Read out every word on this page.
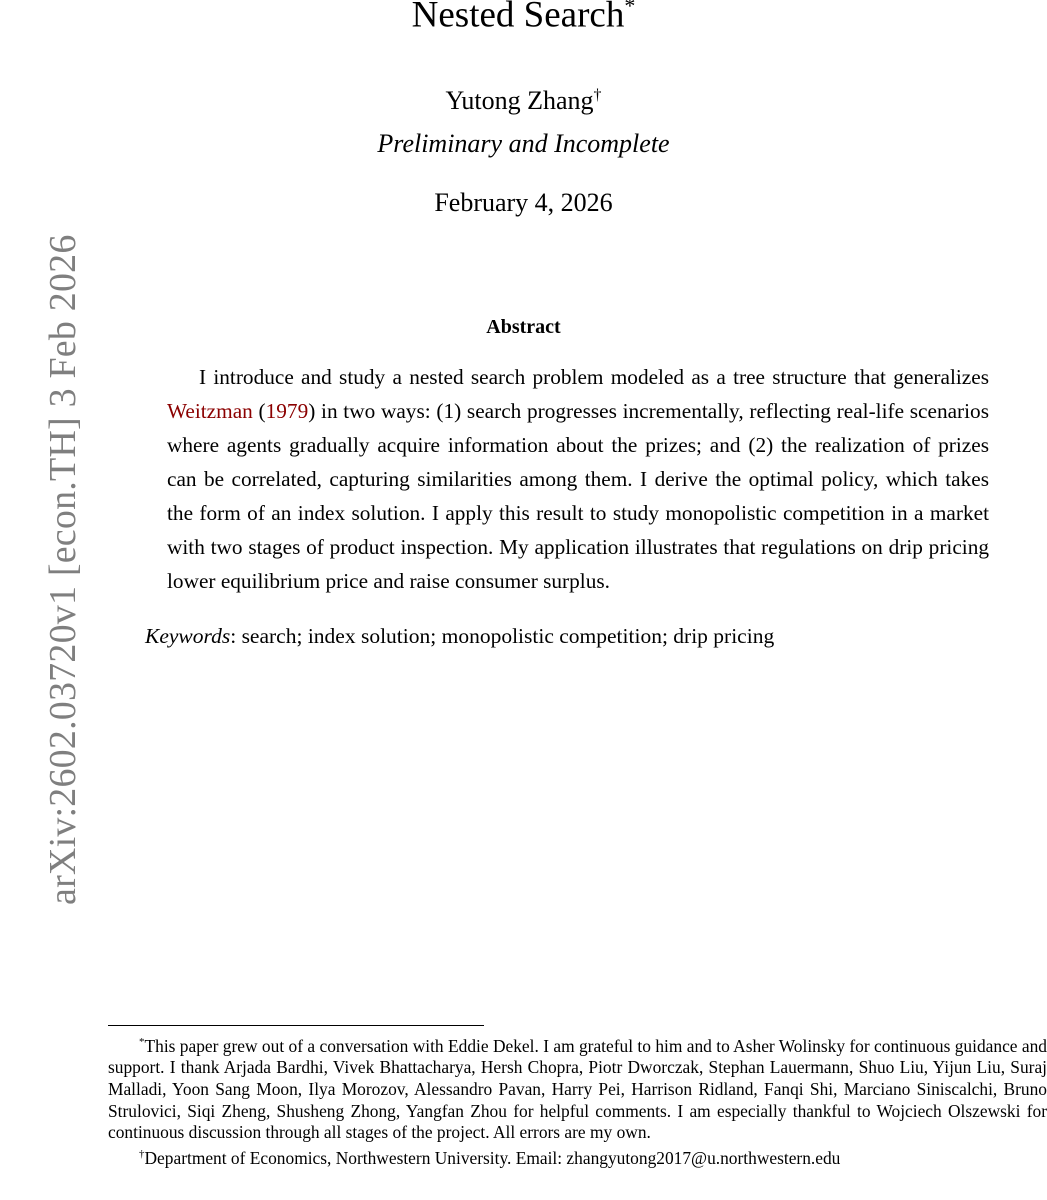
arXiv:2602.03720v1 [econ.TH] 3 Feb 2026
Nested Search*
Yutong Zhang†
Preliminary and Incomplete
February 4, 2026
Abstract

I introduce and study a nested search problem modeled as a tree structure that generalizes Weitzman (1979) in two ways: (1) search progresses incrementally, reflecting real-life scenarios where agents gradually acquire information about the prizes; and (2) the realization of prizes can be correlated, capturing similarities among them. I derive the optimal policy, which takes the form of an index solution. I apply this result to study monopolistic competition in a market with two stages of product inspection. My application illustrates that regulations on drip pricing lower equilibrium price and raise consumer surplus.

Keywords: search; index solution; monopolistic competition; drip pricing

*This paper grew out of a conversation with Eddie Dekel. I am grateful to him and to Asher Wolinsky for continuous guidance and support. I thank Arjada Bardhi, Vivek Bhattacharya, Hersh Chopra, Piotr Dworczak, Stephan Lauermann, Shuo Liu, Yijun Liu, Suraj Malladi, Yoon Sang Moon, Ilya Morozov, Alessandro Pavan, Harry Pei, Harrison Ridland, Fanqi Shi, Marciano Siniscalchi, Bruno Strulovici, Siqi Zheng, Shusheng Zhong, Yangfan Zhou for helpful comments. I am especially thankful to Wojciech Olszewski for continuous discussion through all stages of the project. All errors are my own.

†Department of Economics, Northwestern University. Email: zhangyutong2017@u.northwestern.edu
